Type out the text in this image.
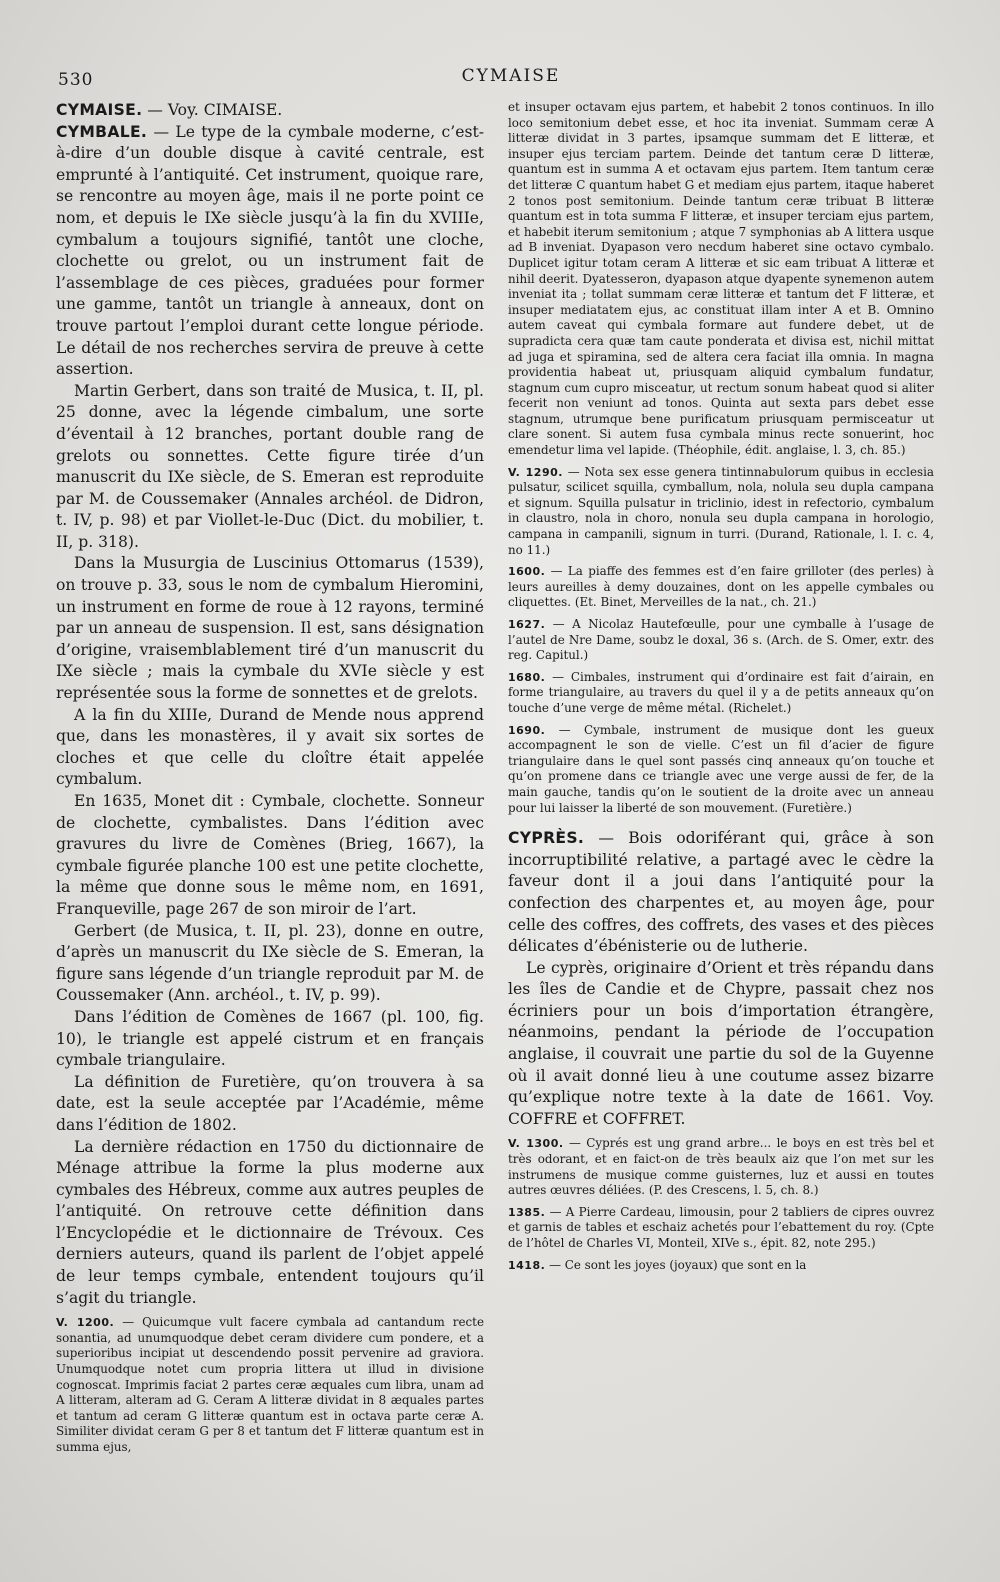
530	CYMAISE

CYMAISE. — Voy. CIMAISE.

CYMBALE. — Le type de la cymbale moderne, c’est-à-dire d’un double disque à cavité centrale, est emprunté à l’antiquité. Cet instrument, quoique rare, se rencontre au moyen âge, mais il ne porte point ce nom, et depuis le IXe siècle jusqu’à la fin du XVIIIe, cymbalum a toujours signifié, tantôt une cloche, clochette ou grelot, ou un instrument fait de l’assemblage de ces pièces, graduées pour former une gamme, tantôt un triangle à anneaux, dont on trouve partout l’emploi durant cette longue période. Le détail de nos recherches servira de preuve à cette assertion.

Martin Gerbert, dans son traité de Musica, t. II, pl. 25 donne, avec la légende cimbalum, une sorte d’éventail à 12 branches, portant double rang de grelots ou sonnettes. Cette figure tirée d’un manuscrit du IXe siècle, de S. Emeran est reproduite par M. de Coussemaker (Annales archéol. de Didron, t. IV, p. 98) et par Viollet-le-Duc (Dict. du mobilier, t. II, p. 318).

Dans la Musurgia de Luscinius Ottomarus (1539), on trouve p. 33, sous le nom de cymbalum Hieromini, un instrument en forme de roue à 12 rayons, terminé par un anneau de suspension. Il est, sans désignation d’origine, vraisemblablement tiré d’un manuscrit du IXe siècle ; mais la cymbale du XVIe siècle y est représentée sous la forme de sonnettes et de grelots.

A la fin du XIIIe, Durand de Mende nous apprend que, dans les monastères, il y avait six sortes de cloches et que celle du cloître était appelée cymbalum.

En 1635, Monet dit : Cymbale, clochette. Sonneur de clochette, cymbalistes. Dans l’édition avec gravures du livre de Comènes (Brieg, 1667), la cymbale figurée planche 100 est une petite clochette, la même que donne sous le même nom, en 1691, Franqueville, page 267 de son miroir de l’art.

Gerbert (de Musica, t. II, pl. 23), donne en outre, d’après un manuscrit du IXe siècle de S. Emeran, la figure sans légende d’un triangle reproduit par M. de Coussemaker (Ann. archéol., t. IV, p. 99).

Dans l’édition de Comènes de 1667 (pl. 100, fig. 10), le triangle est appelé cistrum et en français cymbale triangulaire.

La définition de Furetière, qu’on trouvera à sa date, est la seule acceptée par l’Académie, même dans l’édition de 1802.

La dernière rédaction en 1750 du dictionnaire de Ménage attribue la forme la plus moderne aux cymbales des Hébreux, comme aux autres peuples de l’antiquité. On retrouve cette définition dans l’Encyclopédie et le dictionnaire de Trévoux. Ces derniers auteurs, quand ils parlent de l’objet appelé de leur temps cymbale, entendent toujours qu’il s’agit du triangle.

V. 1200. — Quicumque vult facere cymbala ad cantandum recte sonantia, ad unumquodque debet ceram dividere cum pondere, et a superioribus incipiat ut descendendo possit pervenire ad graviora. Unumquodque notet cum propria littera ut illud in divisione cognoscat. Imprimis faciat 2 partes ceræ æquales cum libra, unam ad A litteram, alteram ad G. Ceram A litteræ dividat in 8 æquales partes et tantum ad ceram G litteræ quantum est in octava parte ceræ A. Similiter dividat ceram G per 8 et tantum det F litteræ quantum est in summa ejus,

et insuper octavam ejus partem, et habebit 2 tonos continuos. In illo loco semitonium debet esse, et hoc ita inveniat. Summam ceræ A litteræ dividat in 3 partes, ipsamque summam det E litteræ, et insuper ejus terciam partem. Deinde det tantum ceræ D litteræ, quantum est in summa A et octavam ejus partem. Item tantum ceræ det litteræ C quantum habet G et mediam ejus partem, itaque haberet 2 tonos post semitonium. Deinde tantum ceræ tribuat B litteræ quantum est in tota summa F litteræ, et insuper terciam ejus partem, et habebit iterum semitonium ; atque 7 symphonias ab A littera usque ad B inveniat. Dyapason vero necdum haberet sine octavo cymbalo. Duplicet igitur totam ceram A litteræ et sic eam tribuat A litteræ et nihil deerit. Dyatesseron, dyapason atque dyapente synemenon autem inveniat ita ; tollat summam ceræ litteræ et tantum det F litteræ, et insuper mediatatem ejus, ac constituat illam inter A et B. Omnino autem caveat qui cymbala formare aut fundere debet, ut de supradicta cera quæ tam caute ponderata et divisa est, nichil mittat ad juga et spiramina, sed de altera cera faciat illa omnia. In magna providentia habeat ut, priusquam aliquid cymbalum fundatur, stagnum cum cupro misceatur, ut rectum sonum habeat quod si aliter fecerit non veniunt ad tonos. Quinta aut sexta pars debet esse stagnum, utrumque bene purificatum priusquam permisceatur ut clare sonent. Si autem fusa cymbala minus recte sonuerint, hoc emendetur lima vel lapide. (Théophile, édit. anglaise, l. 3, ch. 85.)

V. 1290. — Nota sex esse genera tintinnabulorum quibus in ecclesia pulsatur, scilicet squilla, cymballum, nola, nolula seu dupla campana et signum. Squilla pulsatur in triclinio, idest in refectorio, cymbalum in claustro, nola in choro, nonula seu dupla campana in horologio, campana in campanili, signum in turri. (Durand, Rationale, l. I. c. 4, no 11.)

1600. — La piaffe des femmes est d’en faire grilloter (des perles) à leurs aureilles à demy douzaines, dont on les appelle cymbales ou cliquettes. (Et. Binet, Merveilles de la nat., ch. 21.)

1627. — A Nicolaz Hautefœulle, pour une cymballe à l’usage de l’autel de Nre Dame, soubz le doxal, 36 s. (Arch. de S. Omer, extr. des reg. Capitul.)

1680. — Cimbales, instrument qui d’ordinaire est fait d’airain, en forme triangulaire, au travers du quel il y a de petits anneaux qu’on touche d’une verge de même métal. (Richelet.)

1690. — Cymbale, instrument de musique dont les gueux accompagnent le son de vielle. C’est un fil d’acier de figure triangulaire dans le quel sont passés cinq anneaux qu’on touche et qu’on promene dans ce triangle avec une verge aussi de fer, de la main gauche, tandis qu’on le soutient de la droite avec un anneau pour lui laisser la liberté de son mouvement. (Furetière.)

CYPRÈS. — Bois odoriférant qui, grâce à son incorruptibilité relative, a partagé avec le cèdre la faveur dont il a joui dans l’antiquité pour la confection des charpentes et, au moyen âge, pour celle des coffres, des coffrets, des vases et des pièces délicates d’ébénisterie ou de lutherie.

Le cyprès, originaire d’Orient et très répandu dans les îles de Candie et de Chypre, passait chez nos écriniers pour un bois d’importation étrangère, néanmoins, pendant la période de l’occupation anglaise, il couvrait une partie du sol de la Guyenne où il avait donné lieu à une coutume assez bizarre qu’explique notre texte à la date de 1661. Voy. COFFRE et COFFRET.

V. 1300. — Cyprés est ung grand arbre... le boys en est très bel et très odorant, et en faict-on de très beaulx aiz que l’on met sur les instrumens de musique comme guisternes, luz et aussi en toutes autres œuvres déliées. (P. des Crescens, l. 5, ch. 8.)

1385. — A Pierre Cardeau, limousin, pour 2 tabliers de cipres ouvrez et garnis de tables et eschaiz achetés pour l’ebattement du roy. (Cpte de l’hôtel de Charles VI, Monteil, XIVe s., épit. 82, note 295.)

1418. — Ce sont les joyes (joyaux) que sont en la
